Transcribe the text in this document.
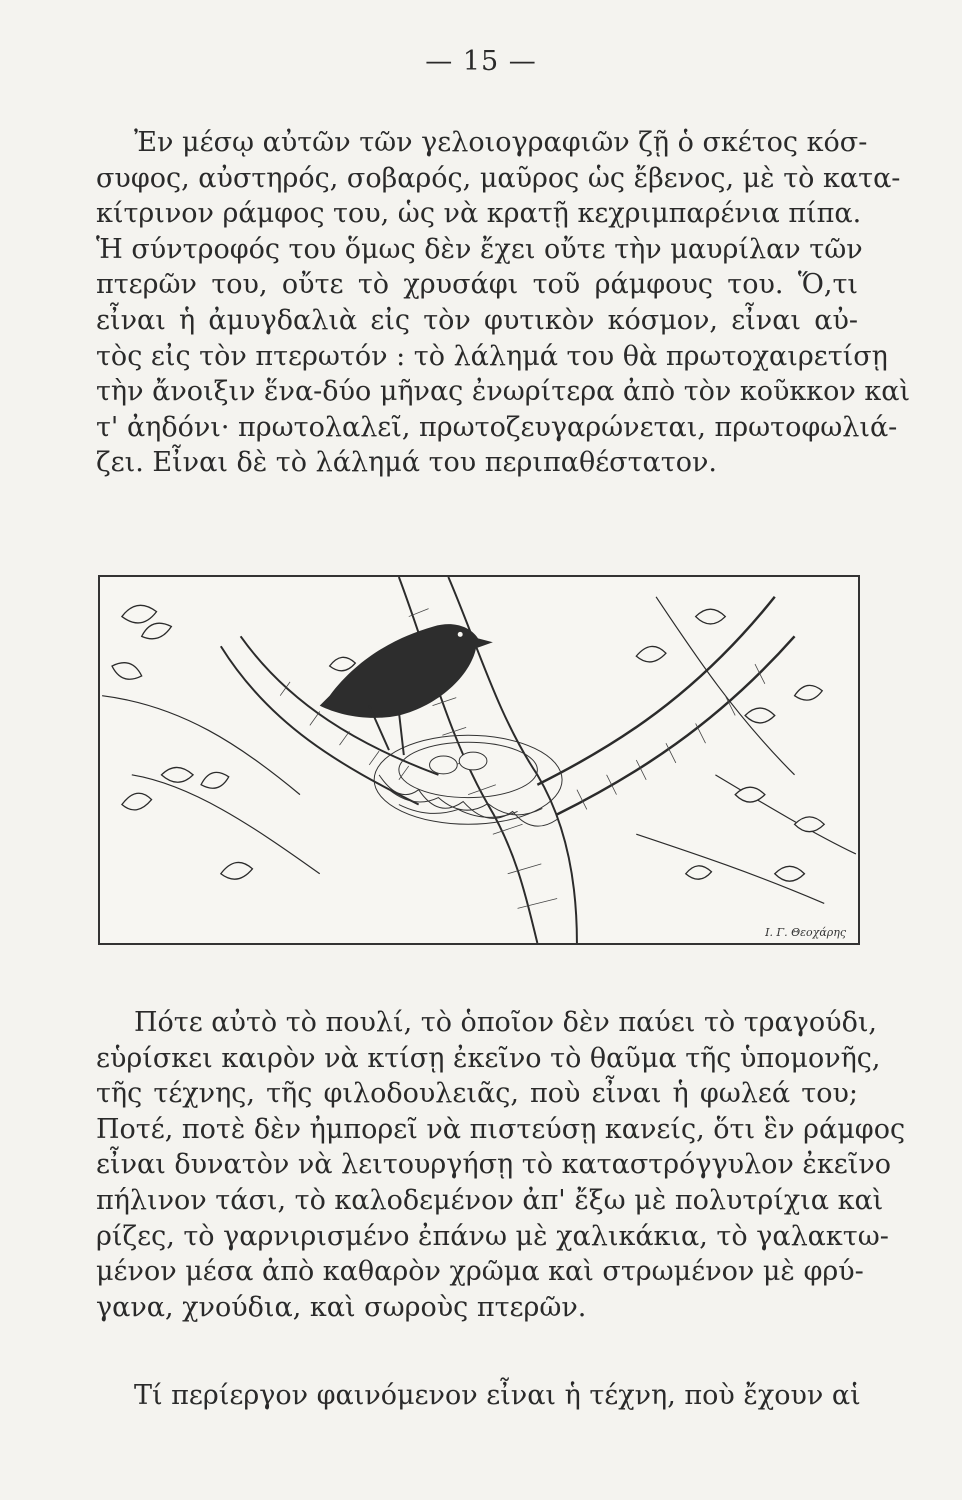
— 15 —
Ἐν μέσῳ αὐτῶν τῶν γελοιογραφιῶν ζῇ ὁ σκέτος κόσ-
συφος, αὐστηρός, σοβαρός, μαῦρος ὡς ἔβενος, μὲ τὸ κατα-
κίτρινον ράμφος του, ὡς νὰ κρατῇ κεχριμπαρένια πίπα.
Ἡ σύντροφός του ὅμως δὲν ἔχει οὔτε τὴν μαυρίλαν τῶν
πτερῶν του, οὔτε τὸ χρυσάφι τοῦ ράμφους του. Ὅ,τι
εἶναι ἡ ἀμυγδαλιὰ εἰς τὸν φυτικὸν κόσμον, εἶναι αὐ-
τὸς εἰς τὸν πτερωτόν : τὸ λάλημά του θὰ πρωτοχαιρετίσῃ
τὴν ἄνοιξιν ἕνα-δύο μῆνας ἐνωρίτερα ἀπὸ τὸν κοῦκκον καὶ
τ' ἀηδόνι· πρωτολαλεῖ, πρωτοζευγαρώνεται, πρωτοφωλιά-
ζει. Εἶναι δὲ τὸ λάλημά του περιπαθέστατον.
Ι. Γ. Θεοχάρης
Πότε αὐτὸ τὸ πουλί, τὸ ὁποῖον δὲν παύει τὸ τραγούδι,
εὑρίσκει καιρὸν νὰ κτίσῃ ἐκεῖνο τὸ θαῦμα τῆς ὑπομονῆς,
τῆς τέχνης, τῆς φιλοδουλειᾶς, ποὺ εἶναι ἡ φωλεά του;
Ποτέ, ποτὲ δὲν ἠμπορεῖ νὰ πιστεύσῃ κανείς, ὅτι ἓν ράμφος
εἶναι δυνατὸν νὰ λειτουργήσῃ τὸ καταστρόγγυλον ἐκεῖνο
πήλινον τάσι, τὸ καλοδεμένον ἀπ' ἔξω μὲ πολυτρίχια καὶ
ρίζες, τὸ γαρνιρισμένο ἐπάνω μὲ χαλικάκια, τὸ γαλακτω-
μένον μέσα ἀπὸ καθαρὸν χρῶμα καὶ στρωμένον μὲ φρύ-
γανα, χνούδια, καὶ σωροὺς πτερῶν.
Τί περίεργον φαινόμενον εἶναι ἡ τέχνη, ποὺ ἔχουν αἱ
